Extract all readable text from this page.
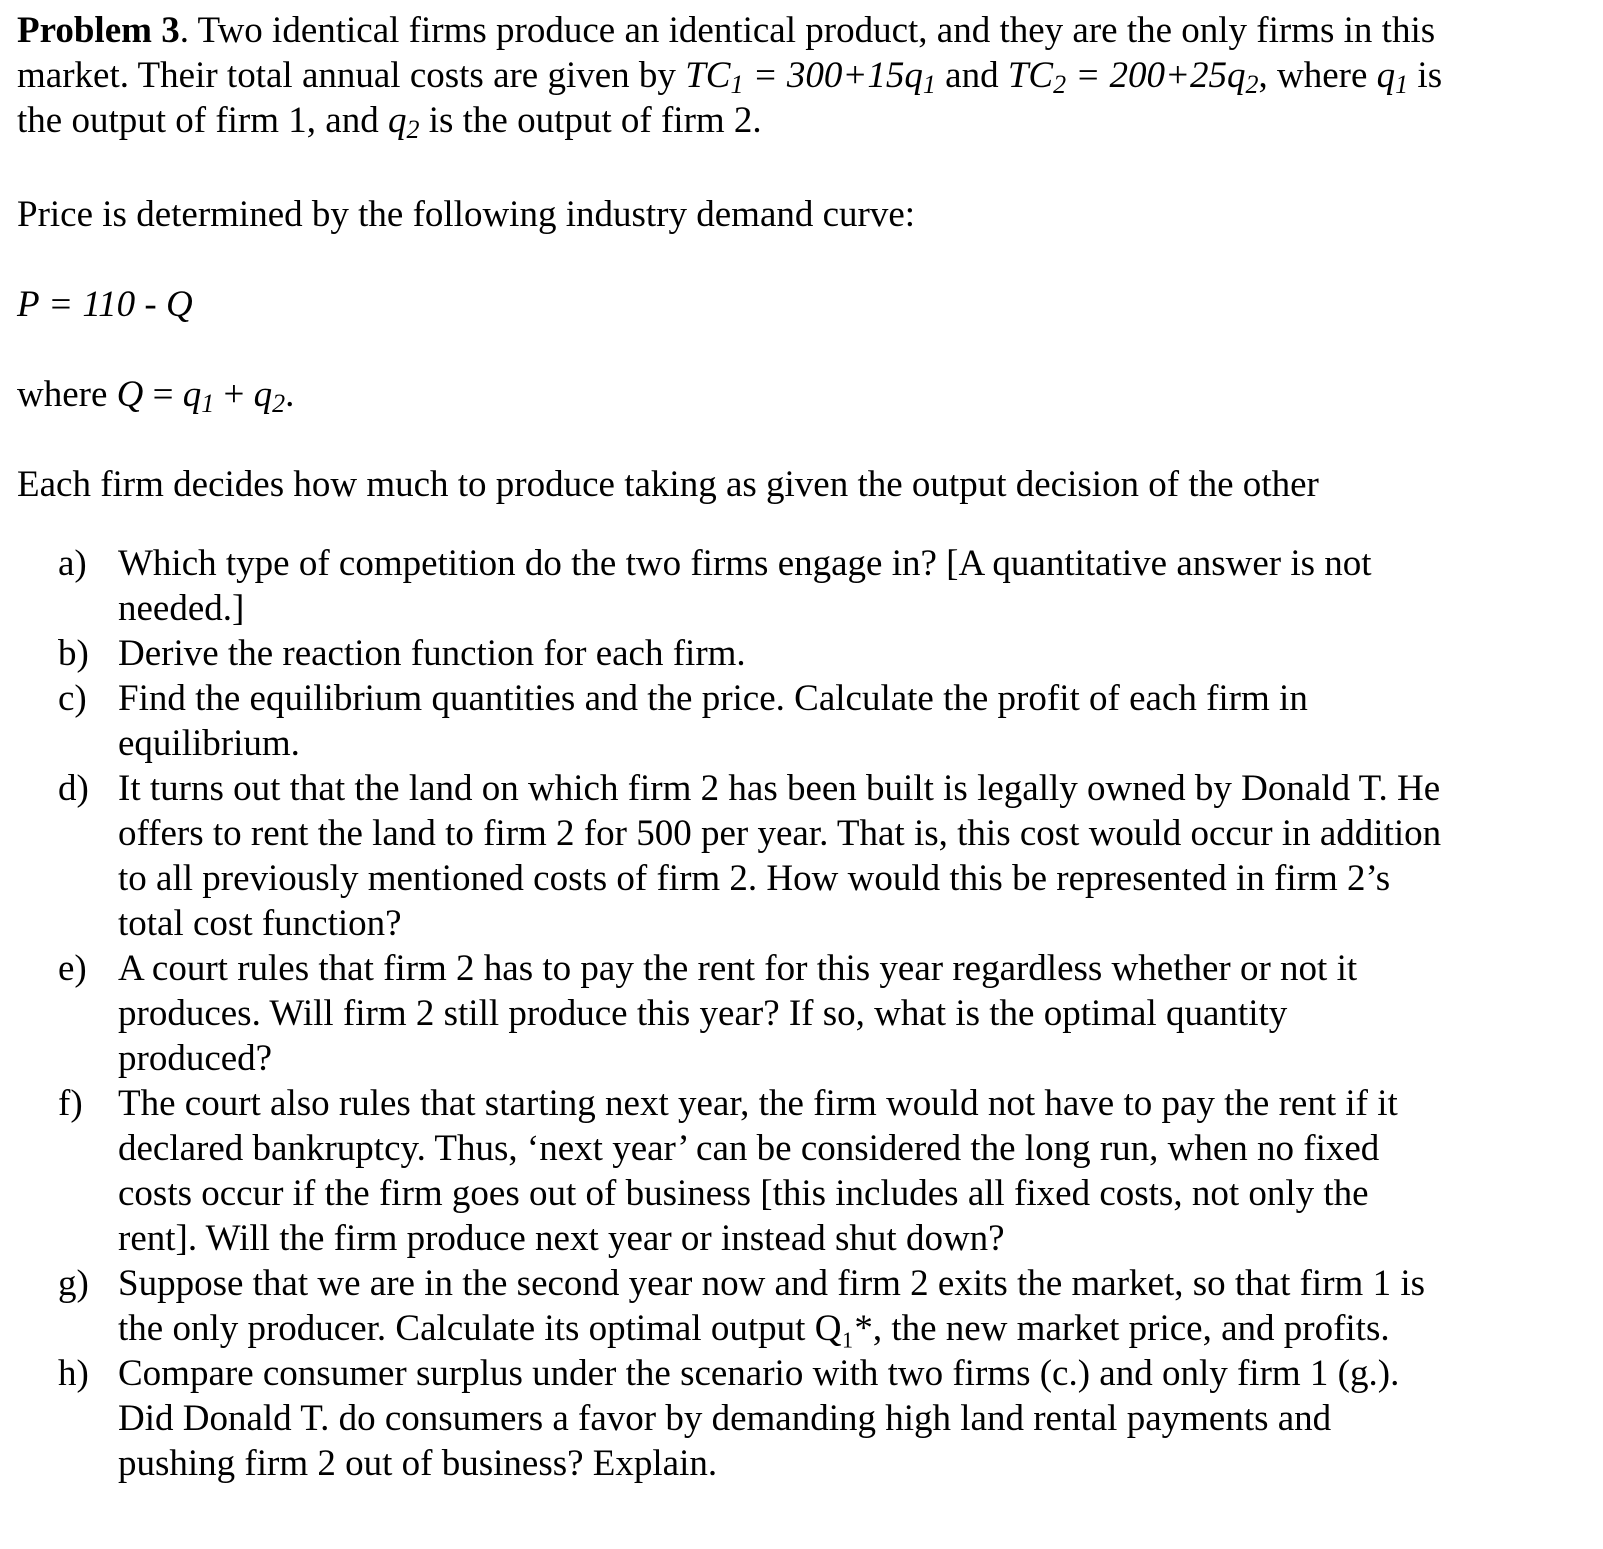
Problem 3. Two identical firms produce an identical product, and they are the only firms in this
market. Their total annual costs are given by $TC_1 = 300+15q_1$ and $TC_2 = 200+25q_2$, where $q_1$ is
the output of firm 1, and $q_2$ is the output of firm 2.
Price is determined by the following industry demand curve:
P = 110 - Q
where $Q = q_1 + q_2$.
Each firm decides how much to produce taking as given the output decision of the other
a) Which type of competition do the two firms engage in? [A quantitative answer is not
needed.]
b) Derive the reaction function for each firm.
c) Find the equilibrium quantities and the price. Calculate the profit of each firm in
equilibrium.
d) It turns out that the land on which firm 2 has been built is legally owned by Donald T. He
offers to rent the land to firm 2 for 500 per year. That is, this cost would occur in addition
to all previously mentioned costs of firm 2. How would this be represented in firm 2’s
total cost function?
e) A court rules that firm 2 has to pay the rent for this year regardless whether or not it
produces. Will firm 2 still produce this year? If so, what is the optimal quantity
produced?
f) The court also rules that starting next year, the firm would not have to pay the rent if it
declared bankruptcy. Thus, ‘next year’ can be considered the long run, when no fixed
costs occur if the firm goes out of business [this includes all fixed costs, not only the
rent]. Will the firm produce next year or instead shut down?
g) Suppose that we are in the second year now and firm 2 exits the market, so that firm 1 is
the only producer. Calculate its optimal output Q₁*, the new market price, and profits.
h) Compare consumer surplus under the scenario with two firms (c.) and only firm 1 (g.).
Did Donald T. do consumers a favor by demanding high land rental payments and
pushing firm 2 out of business? Explain.
